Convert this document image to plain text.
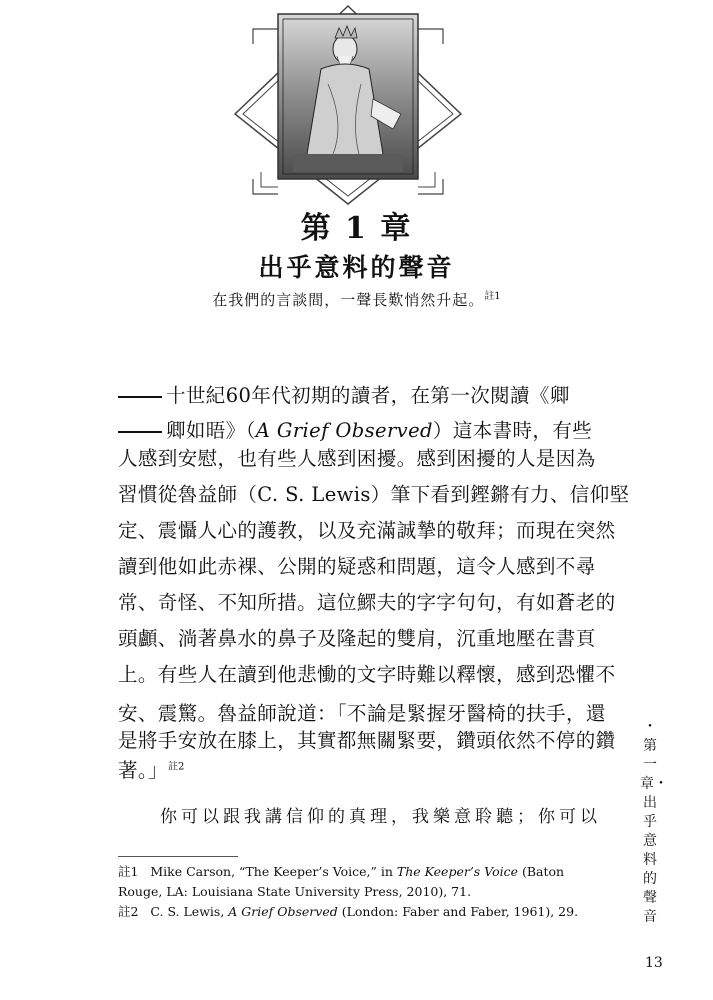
第 1 章
出乎意料的聲音
在我們的言談間，一聲長歎悄然升起。$^{註1}$
十世紀60年代初期的讀者，在第一次閱讀《卿
卿如晤》（A Grief Observed）這本書時，有些
人感到安慰，也有些人感到困擾。感到困擾的人是因為
習慣從魯益師（C. S. Lewis）筆下看到鏗鏘有力、信仰堅
定、震懾人心的護教，以及充滿誠摯的敬拜；而現在突然
讀到他如此赤裸、公開的疑惑和問題，這令人感到不尋
常、奇怪、不知所措。這位鰥夫的字字句句，有如蒼老的
頭顱、淌著鼻水的鼻子及隆起的雙肩，沉重地壓在書頁
上。有些人在讀到他悲慟的文字時難以釋懷，感到恐懼不
安、震驚。魯益師說道：「不論是緊握牙醫椅的扶手，還
是將手安放在膝上，其實都無關緊要，鑽頭依然不停的鑽
著。」$^{註2}$
你可以跟我講信仰的真理，我樂意聆聽；你可以
註1 Mike Carson, “The Keeper’s Voice,” in The Keeper’s Voice (Baton Rouge, LA: Louisiana State University Press, 2010), 71.
註2 C. S. Lewis, A Grief Observed (London: Faber and Faber, 1961), 29.
・第一章・出乎意料的聲音
13
